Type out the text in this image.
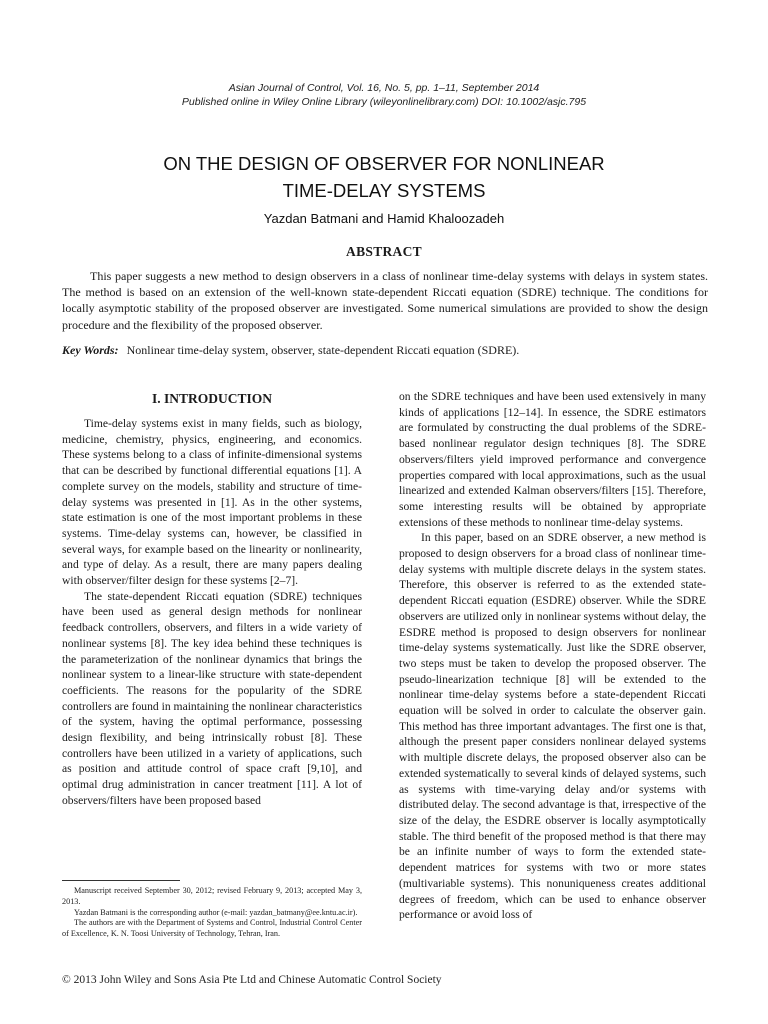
Asian Journal of Control, Vol. 16, No. 5, pp. 1–11, September 2014
Published online in Wiley Online Library (wileyonlinelibrary.com) DOI: 10.1002/asjc.795
ON THE DESIGN OF OBSERVER FOR NONLINEAR
TIME-DELAY SYSTEMS
Yazdan Batmani and Hamid Khaloozadeh
ABSTRACT

This paper suggests a new method to design observers in a class of nonlinear time-delay systems with delays in system states. The method is based on an extension of the well-known state-dependent Riccati equation (SDRE) technique. The conditions for locally asymptotic stability of the proposed observer are investigated. Some numerical simulations are provided to show the design procedure and the flexibility of the proposed observer.

Key Words: Nonlinear time-delay system, observer, state-dependent Riccati equation (SDRE).
I. INTRODUCTION

Time-delay systems exist in many fields, such as biology, medicine, chemistry, physics, engineering, and economics. These systems belong to a class of infinite-dimensional systems that can be described by functional differential equations [1]. A complete survey on the models, stability and structure of time-delay systems was presented in [1]. As in the other systems, state estimation is one of the most important problems in these systems. Time-delay systems can, however, be classified in several ways, for example based on the linearity or nonlinearity, and type of delay. As a result, there are many papers dealing with observer/filter design for these systems [2–7].

The state-dependent Riccati equation (SDRE) techniques have been used as general design methods for nonlinear feedback controllers, observers, and filters in a wide variety of nonlinear systems [8]. The key idea behind these techniques is the parameterization of the nonlinear dynamics that brings the nonlinear system to a linear-like structure with state-dependent coefficients. The reasons for the popularity of the SDRE controllers are found in maintaining the nonlinear characteristics of the system, having the optimal performance, possessing design flexibility, and being intrinsically robust [8]. These controllers have been utilized in a variety of applications, such as position and attitude control of space craft [9,10], and optimal drug administration in cancer treatment [11]. A lot of observers/filters have been proposed based

on the SDRE techniques and have been used extensively in many kinds of applications [12–14]. In essence, the SDRE estimators are formulated by constructing the dual problems of the SDRE-based nonlinear regulator design techniques [8]. The SDRE observers/filters yield improved performance and convergence properties compared with local approximations, such as the usual linearized and extended Kalman observers/filters [15]. Therefore, some interesting results will be obtained by appropriate extensions of these methods to nonlinear time-delay systems.

In this paper, based on an SDRE observer, a new method is proposed to design observers for a broad class of nonlinear time-delay systems with multiple discrete delays in the system states. Therefore, this observer is referred to as the extended state-dependent Riccati equation (ESDRE) observer. While the SDRE observers are utilized only in nonlinear systems without delay, the ESDRE method is proposed to design observers for nonlinear time-delay systems systematically. Just like the SDRE observer, two steps must be taken to develop the proposed observer. The pseudo-linearization technique [8] will be extended to the nonlinear time-delay systems before a state-dependent Riccati equation will be solved in order to calculate the observer gain. This method has three important advantages. The first one is that, although the present paper considers nonlinear delayed systems with multiple discrete delays, the proposed observer also can be extended systematically to several kinds of delayed systems, such as systems with time-varying delay and/or systems with distributed delay. The second advantage is that, irrespective of the size of the delay, the ESDRE observer is locally asymptotically stable. The third benefit of the proposed method is that there may be an infinite number of ways to form the extended state-dependent matrices for systems with two or more states (multivariable systems). This nonuniqueness creates additional degrees of freedom, which can be used to enhance observer performance or avoid loss of

Manuscript received September 30, 2012; revised February 9, 2013; accepted May 3, 2013.

Yazdan Batmani is the corresponding author (e-mail: yazdan_batmany@ee.kntu.ac.ir).

The authors are with the Department of Systems and Control, Industrial Control Center of Excellence, K. N. Toosi University of Technology, Tehran, Iran.

© 2013 John Wiley and Sons Asia Pte Ltd and Chinese Automatic Control Society
